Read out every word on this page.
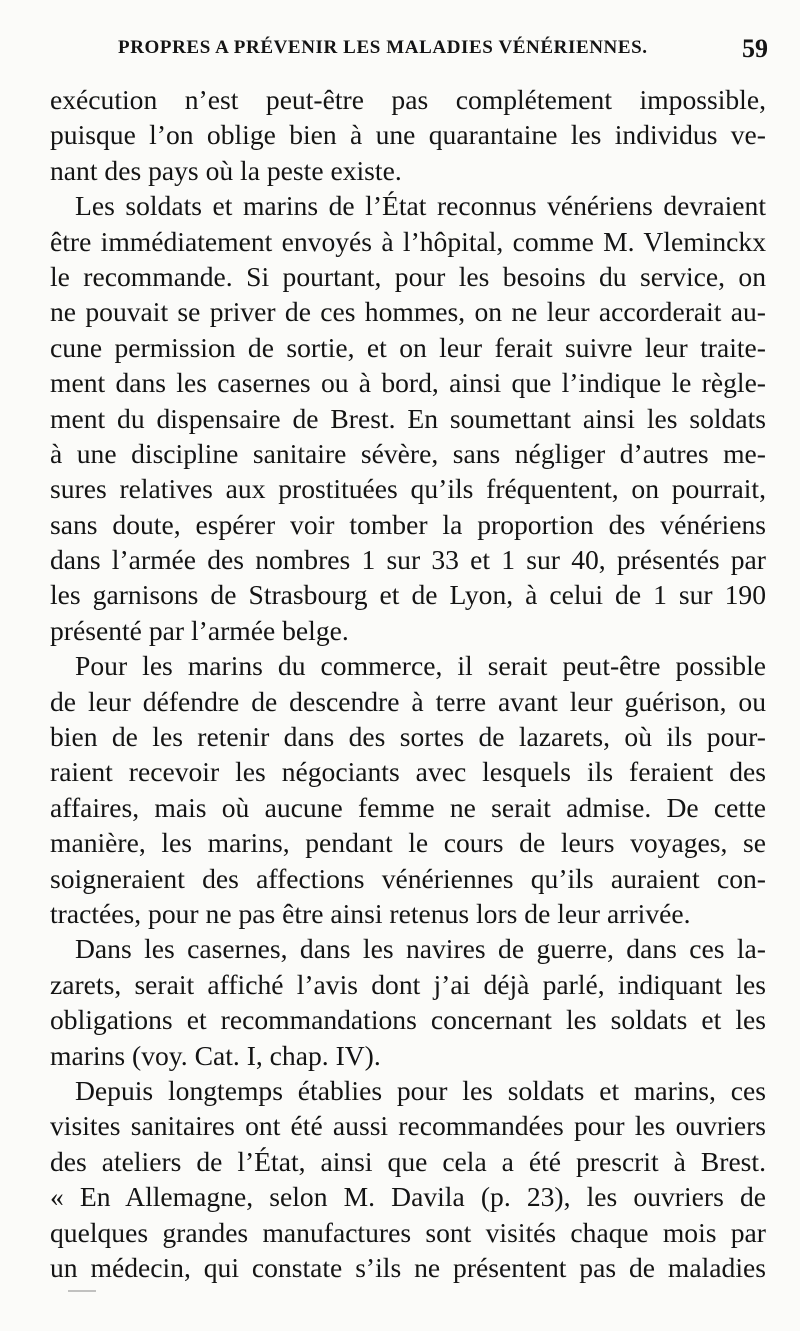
PROPRES A PRÉVENIR LES MALADIES VÉNÉRIENNES.	59
exécution n’est peut-être pas complétement impossible,
puisque l’on oblige bien à une quarantaine les individus ve-
nant des pays où la peste existe.
Les soldats et marins de l’État reconnus vénériens devraient
être immédiatement envoyés à l’hôpital, comme M. Vleminckx
le recommande. Si pourtant, pour les besoins du service, on
ne pouvait se priver de ces hommes, on ne leur accorderait au-
cune permission de sortie, et on leur ferait suivre leur traite-
ment dans les casernes ou à bord, ainsi que l’indique le règle-
ment du dispensaire de Brest. En soumettant ainsi les soldats
à une discipline sanitaire sévère, sans négliger d’autres me-
sures relatives aux prostituées qu’ils fréquentent, on pourrait,
sans doute, espérer voir tomber la proportion des vénériens
dans l’armée des nombres 1 sur 33 et 1 sur 40, présentés par
les garnisons de Strasbourg et de Lyon, à celui de 1 sur 190
présenté par l’armée belge.
Pour les marins du commerce, il serait peut-être possible
de leur défendre de descendre à terre avant leur guérison, ou
bien de les retenir dans des sortes de lazarets, où ils pour-
raient recevoir les négociants avec lesquels ils feraient des
affaires, mais où aucune femme ne serait admise. De cette
manière, les marins, pendant le cours de leurs voyages, se
soigneraient des affections vénériennes qu’ils auraient con-
tractées, pour ne pas être ainsi retenus lors de leur arrivée.
Dans les casernes, dans les navires de guerre, dans ces la-
zarets, serait affiché l’avis dont j’ai déjà parlé, indiquant les
obligations et recommandations concernant les soldats et les
marins (voy. Cat. I, chap. IV).
Depuis longtemps établies pour les soldats et marins, ces
visites sanitaires ont été aussi recommandées pour les ouvriers
des ateliers de l’État, ainsi que cela a été prescrit à Brest.
« En Allemagne, selon M. Davila (p. 23), les ouvriers de
quelques grandes manufactures sont visités chaque mois par
un médecin, qui constate s’ils ne présentent pas de maladies
